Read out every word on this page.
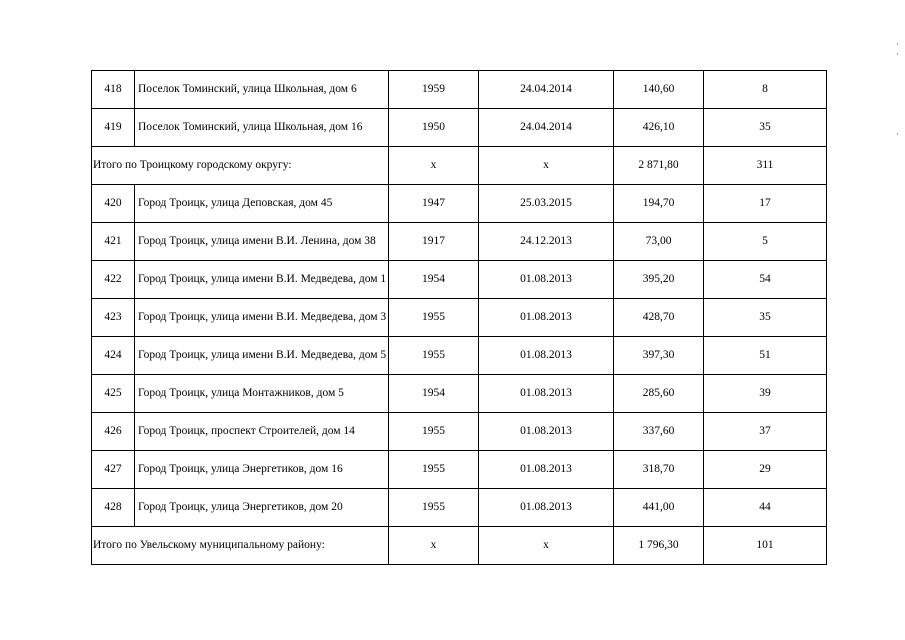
418	Поселок Томинский, улица Школьная, дом 6	1959	24.04.2014	140,60	8
419	Поселок Томинский, улица Школьная, дом 16	1950	24.04.2014	426,10	35
Итого по Троицкому городскому округу:		x	x	2 871,80	311
420	Город Троицк, улица Деповская, дом 45	1947	25.03.2015	194,70	17
421	Город Троицк, улица имени В.И. Ленина, дом 38	1917	24.12.2013	73,00	5
422	Город Троицк, улица имени В.И. Медведева, дом 1	1954	01.08.2013	395,20	54
423	Город Троицк, улица имени В.И. Медведева, дом 3	1955	01.08.2013	428,70	35
424	Город Троицк, улица имени В.И. Медведева, дом 5	1955	01.08.2013	397,30	51
425	Город Троицк, улица Монтажников, дом 5	1954	01.08.2013	285,60	39
426	Город Троицк, проспект Строителей, дом 14	1955	01.08.2013	337,60	37
427	Город Троицк, улица Энергетиков, дом 16	1955	01.08.2013	318,70	29
428	Город Троицк, улица Энергетиков, дом 20	1955	01.08.2013	441,00	44
Итого по Увельскому муниципальному району:		x	x	1 796,30	101
·
·
·
